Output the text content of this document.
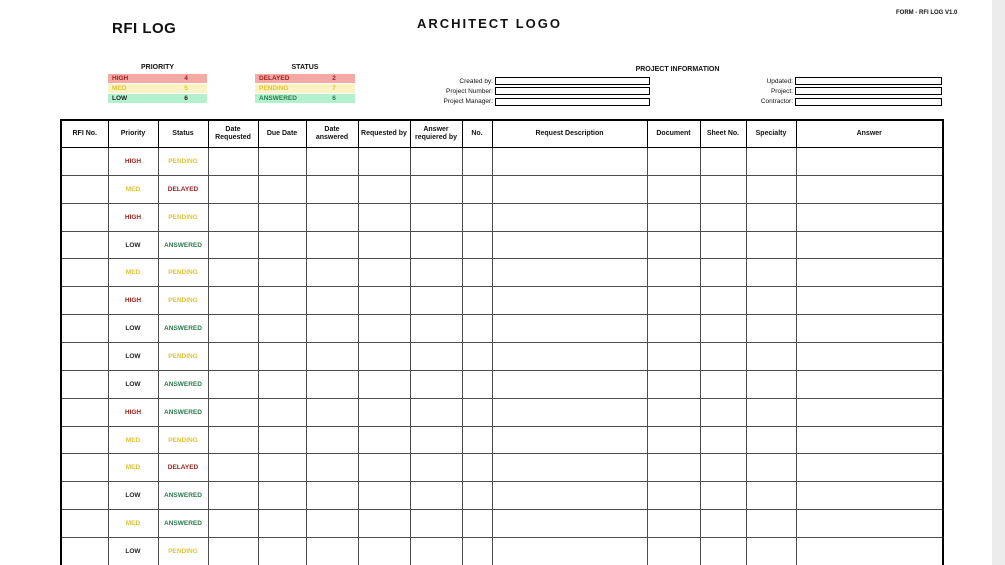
RFI LOG	ARCHITECT LOGO
FORM - RFI LOG V1.0
PRIORITY
HIGH	4
MED	5
LOW	6
STATUS
DELAYED	2
PENDING	7
ANSWERED	6
PROJECT INFORMATION
Created by:
Project Number:
Project Manager:
Updated:
Project:
Contractor:
RFI No.	Priority	Status	Date Requested	Due Date	Date answered	Requested by	Answer requiered by	No.	Request Description	Document	Sheet No.	Specialty	Answer
	HIGH	PENDING											
	MED	DELAYED											
	HIGH	PENDING											
	LOW	ANSWERED											
	MED	PENDING											
	HIGH	PENDING											
	LOW	ANSWERED											
	LOW	PENDING											
	LOW	ANSWERED											
	HIGH	ANSWERED											
	MED	PENDING											
	MED	DELAYED											
	LOW	ANSWERED											
	MED	ANSWERED											
	LOW	PENDING											
